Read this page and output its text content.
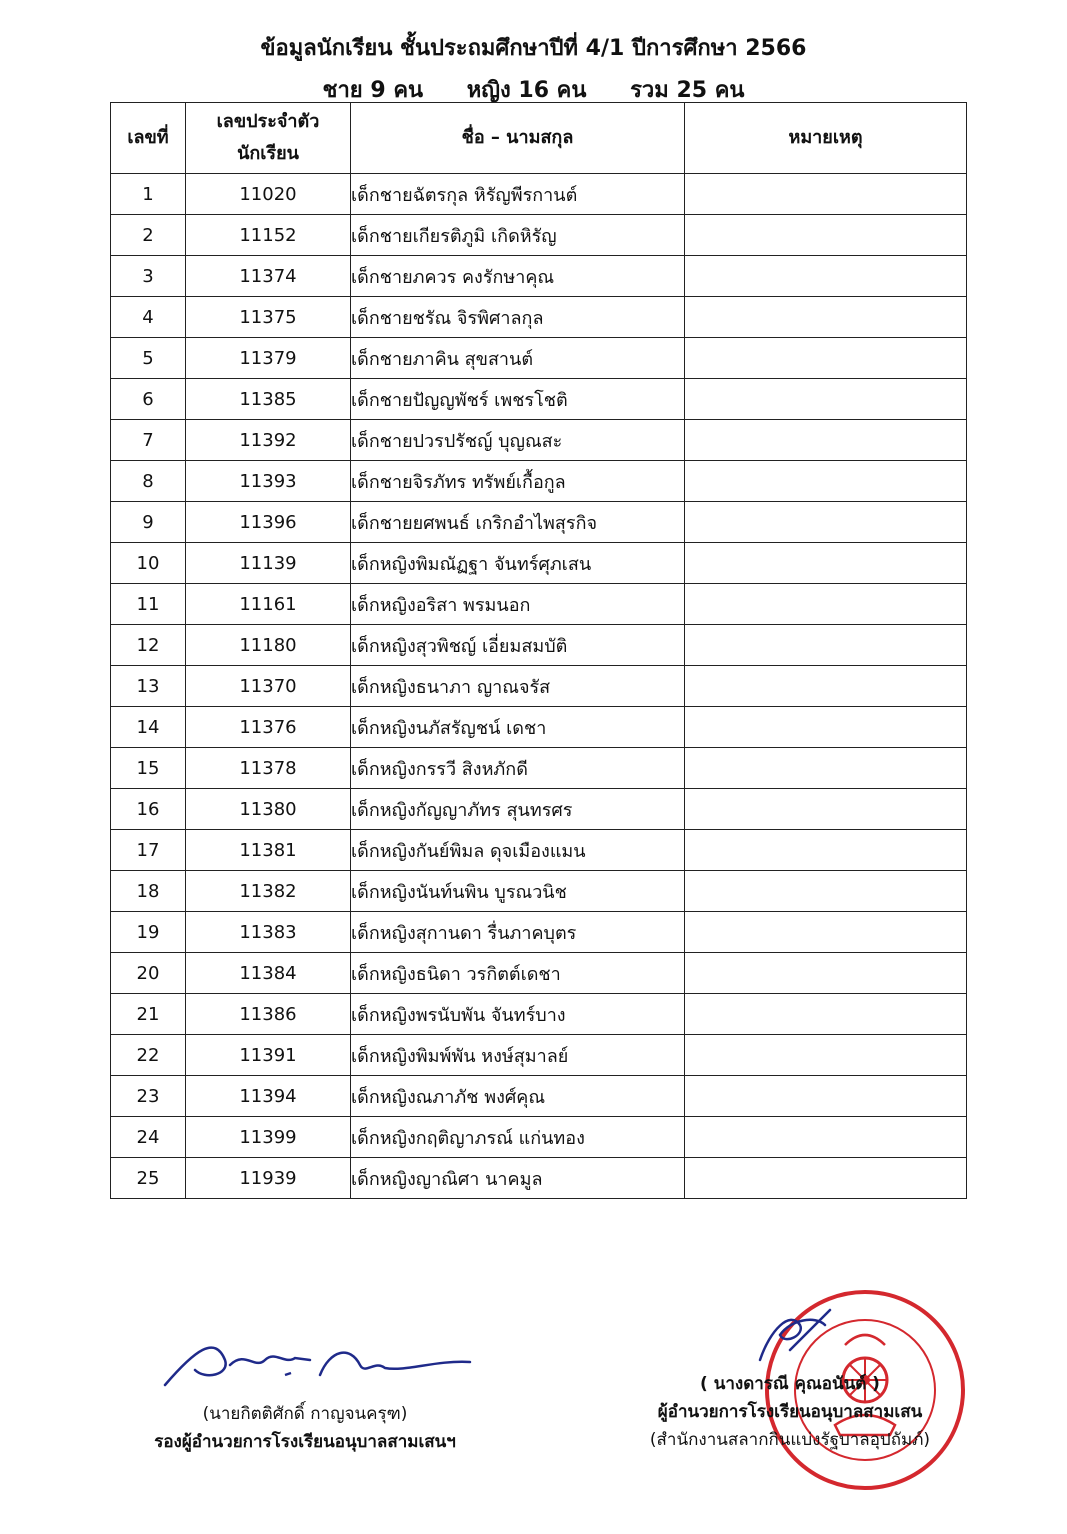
ข้อมูลนักเรียน ชั้นประถมศึกษาปีที่ 4/1 ปีการศึกษา 2566
ชาย 9 คน หญิง 16 คน รวม 25 คน
เลขที่	เลขประจำตัว นักเรียน	ชื่อ – นามสกุล	หมายเหตุ
1	11020	เด็กชายฉัตรกุล หิรัญพีรกานต์	
2	11152	เด็กชายเกียรติภูมิ เกิดหิรัญ	
3	11374	เด็กชายภควร คงรักษาคุณ	
4	11375	เด็กชายชรัณ จิรพิศาลกุล	
5	11379	เด็กชายภาคิน สุขสานต์	
6	11385	เด็กชายปัญญพัชร์ เพชรโชติ	
7	11392	เด็กชายปวรปรัชญ์ บุญณสะ	
8	11393	เด็กชายจิรภัทร ทรัพย์เกื้อกูล	
9	11396	เด็กชายยศพนธ์ เกริกอำไพสุรกิจ	
10	11139	เด็กหญิงพิมณัฏฐา จันทร์ศุภเสน	
11	11161	เด็กหญิงอริสา พรมนอก	
12	11180	เด็กหญิงสุวพิชญ์ เอี่ยมสมบัติ	
13	11370	เด็กหญิงธนาภา ญาณจรัส	
14	11376	เด็กหญิงนภัสรัญชน์ เดชา	
15	11378	เด็กหญิงกรรวี สิงหภักดี	
16	11380	เด็กหญิงกัญญาภัทร สุนทรศร	
17	11381	เด็กหญิงกันย์พิมล ดุจเมืองแมน	
18	11382	เด็กหญิงนันท์นพิน บูรณวนิช	
19	11383	เด็กหญิงสุกานดา รื่นภาคบุตร	
20	11384	เด็กหญิงธนิดา วรกิตต์เดชา	
21	11386	เด็กหญิงพรนับพัน จันทร์บาง	
22	11391	เด็กหญิงพิมพ์พัน หงษ์สุมาลย์	
23	11394	เด็กหญิงณภาภัช พงศ์คุณ	
24	11399	เด็กหญิงกฤติญาภรณ์ แก่นทอง	
25	11939	เด็กหญิงญาณิศา นาคมูล	
(นายกิตติศักดิ์ กาญจนครุฑ)
รองผู้อำนวยการโรงเรียนอนุบาลสามเสนฯ
( นางดารณี คุณอนันต์ )
ผู้อำนวยการโรงเรียนอนุบาลสามเสน
(สำนักงานสลากกินแบ่งรัฐบาลอุปถัมภ์)
